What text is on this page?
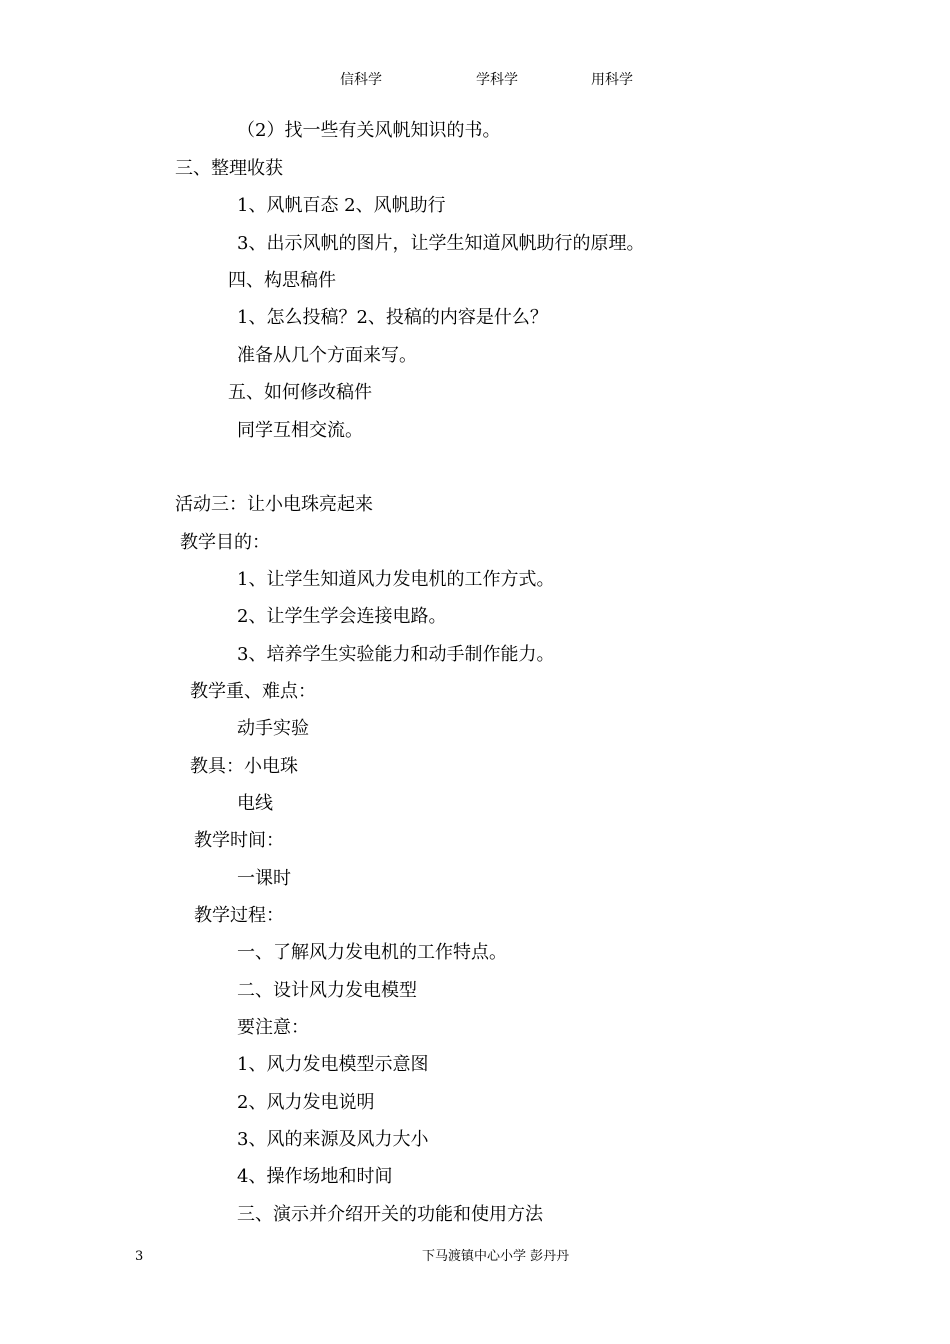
信科学	学科学	用科学
（2）找一些有关风帆知识的书。
三、整理收获
1、风帆百态 2、风帆助行
3、出示风帆的图片，让学生知道风帆助行的原理。
四、构思稿件
1、怎么投稿？2、投稿的内容是什么？
准备从几个方面来写。
五、如何修改稿件
同学互相交流。
活动三：让小电珠亮起来
教学目的：
1、让学生知道风力发电机的工作方式。
2、让学生学会连接电路。
3、培养学生实验能力和动手制作能力。
教学重、难点：
动手实验
教具：小电珠
电线
教学时间：
一课时
教学过程：
一、了解风力发电机的工作特点。
二、设计风力发电模型
要注意：
1、风力发电模型示意图
2、风力发电说明
3、风的来源及风力大小
4、操作场地和时间
三、演示并介绍开关的功能和使用方法
3	下马渡镇中心小学 彭丹丹
